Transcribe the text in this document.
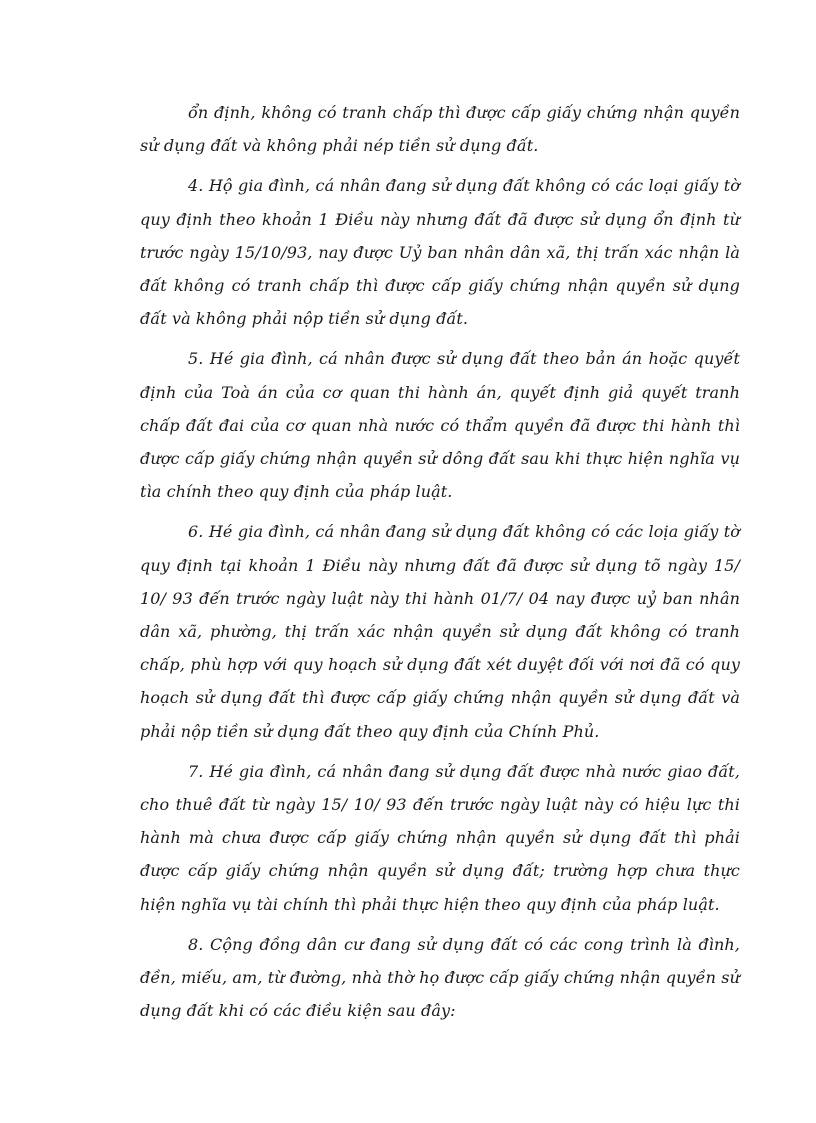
ổn định, không có tranh chấp thì được cấp giấy chứng nhận quyền sử dụng đất và không phải nép tiền sử dụng đất.

4. Hộ gia đình, cá nhân đang sử dụng đất không có các loại giấy tờ quy định theo khoản 1 Điều này nhưng đất đã được sử dụng ổn định từ trước ngày 15/10/93, nay được Uỷ ban nhân dân xã, thị trấn xác nhận là đất không có tranh chấp thì được cấp giấy chứng nhận quyền sử dụng đất và không phải nộp tiền sử dụng đất.

5. Hé gia đình, cá nhân được sử dụng đất theo bản án hoặc quyết định của Toà án của cơ quan thi hành án, quyết định giả quyết tranh chấp đất đai của cơ quan nhà nước có thẩm quyền đã được thi hành thì được cấp giấy chứng nhận quyền sử dông đất sau khi thực hiện nghĩa vụ tìa chính theo quy định của pháp luật.

6. Hé gia đình, cá nhân đang sử dụng đất không có các loịa giấy tờ quy định tại khoản 1 Điều này nhưng đất đã được sử dụng tõ ngày 15/ 10/ 93 đến trước ngày luật này thi hành 01/7/ 04 nay được uỷ ban nhân dân xã, phường, thị trấn xác nhận quyền sử dụng đất không có tranh chấp, phù hợp với quy hoạch sử dụng đất xét duyệt đối với nơi đã có quy hoạch sử dụng đất thì được cấp giấy chứng nhận quyền sử dụng đất và phải nộp tiền sử dụng đất theo quy định của Chính Phủ.

7. Hé gia đình, cá nhân đang sử dụng đất được nhà nước giao đất, cho thuê đất từ ngày 15/ 10/ 93 đến trước ngày luật này có hiệu lực thi hành mà chưa được cấp giấy chứng nhận quyền sử dụng đất thì phải được cấp giấy chứng nhận quyền sử dụng đất; trường hợp chưa thực hiện nghĩa vụ tài chính thì phải thực hiện theo quy định của pháp luật.

8. Cộng đồng dân cư đang sử dụng đất có các cong trình là đình, đền, miếu, am, từ đường, nhà thờ họ được cấp giấy chứng nhận quyền sử dụng đất khi có các điều kiện sau đây:
